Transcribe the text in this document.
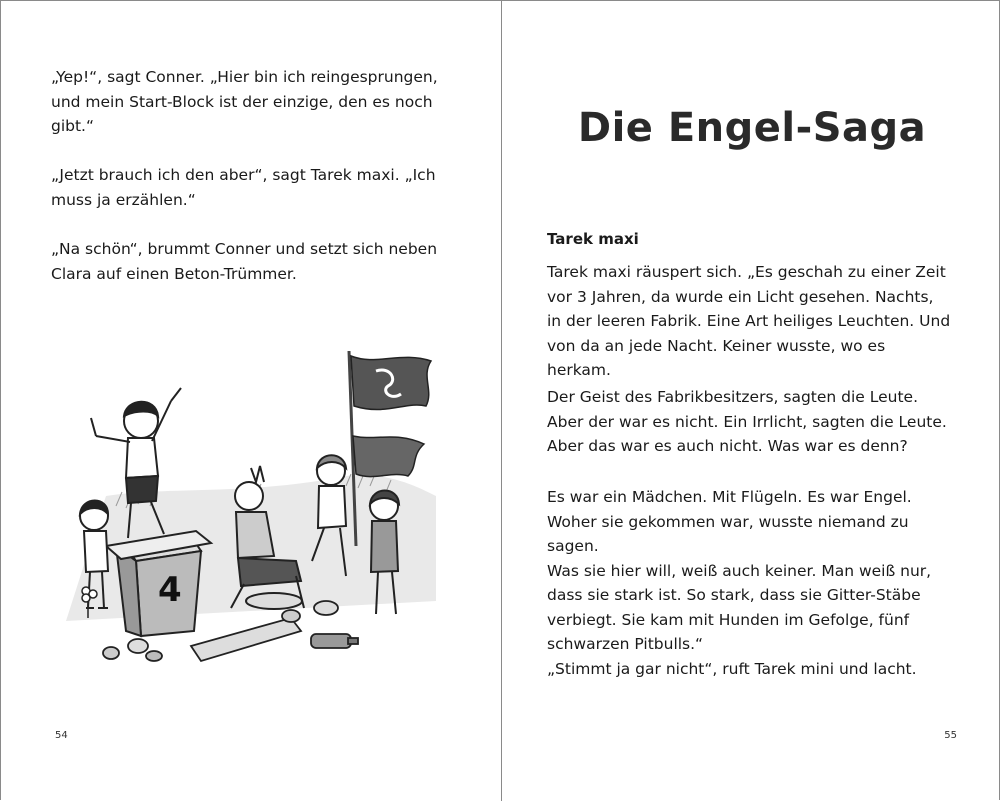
„Yep!“, sagt Conner. „Hier bin ich reingesprungen,
und mein Start-Block ist der einzige, den es noch
gibt.“

„Jetzt brauch ich den aber“, sagt Tarek maxi. „Ich
muss ja erzählen.“

„Na schön“, brummt Conner und setzt sich neben
Clara auf einen Beton-Trümmer.

4
54
Die Engel-Saga

Tarek maxi

Tarek maxi räuspert sich. „Es geschah zu einer Zeit
vor 3 Jahren, da wurde ein Licht gesehen. Nachts,
in der leeren Fabrik. Eine Art heiliges Leuchten. Und
von da an jede Nacht. Keiner wusste, wo es herkam.

Der Geist des Fabrikbesitzers, sagten die Leute.
Aber der war es nicht. Ein Irrlicht, sagten die Leute.
Aber das war es auch nicht. Was war es denn?

Es war ein Mädchen. Mit Flügeln. Es war Engel.
Woher sie gekommen war, wusste niemand zu sagen.
Was sie hier will, weiß auch keiner. Man weiß nur,
dass sie stark ist. So stark, dass sie Gitter-Stäbe
verbiegt. Sie kam mit Hunden im Gefolge, fünf
schwarzen Pitbulls.“

„Stimmt ja gar nicht“, ruft Tarek mini und lacht.

55
